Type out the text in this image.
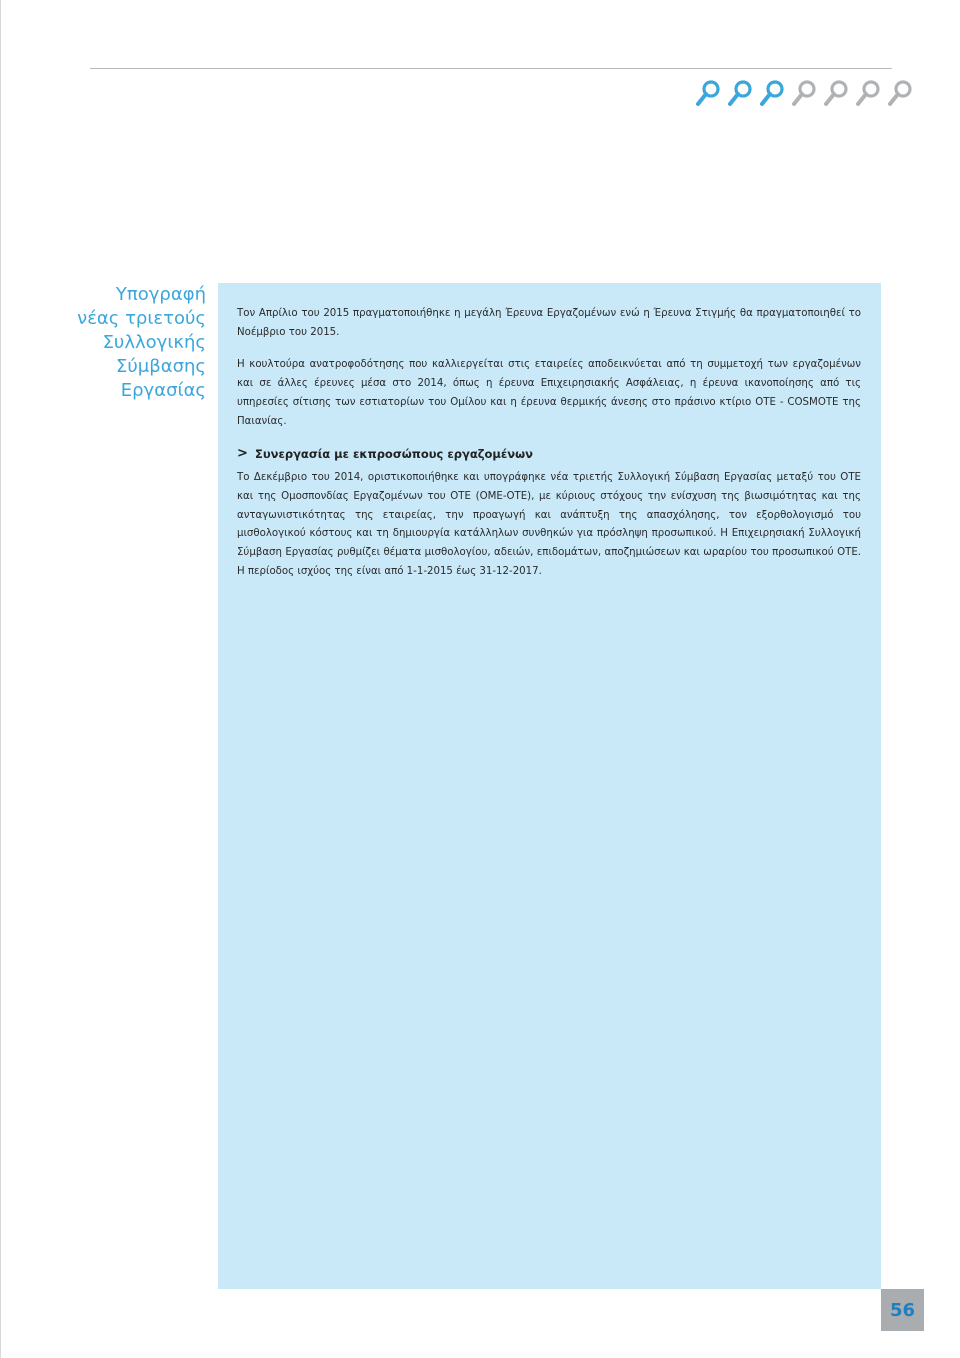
Υπογραφή
νέας τριετούς
Συλλογικής
Σύμβασης
Εργασίας

Τον Απρίλιο του 2015 πραγματοποιήθηκε η μεγάλη Έρευνα Εργαζομένων ενώ η Έρευνα Στιγμής θα πραγματοποιηθεί το Νοέμβριο του 2015.

Η κουλτούρα ανατροφοδότησης που καλλιεργείται στις εταιρείες αποδεικνύεται από τη συμμετοχή των εργαζομένων και σε άλλες έρευνες μέσα στο 2014, όπως η έρευνα Επιχειρησιακής Ασφάλειας, η έρευνα ικανοποίησης από τις υπηρεσίες σίτισης των εστιατορίων του Ομίλου και η έρευνα θερμικής άνεσης στο πράσινο κτίριο ΟΤΕ - COSMOTE της Παιανίας.

> Συνεργασία με εκπροσώπους εργαζομένων

Το Δεκέμβριο του 2014, οριστικοποιήθηκε και υπογράφηκε νέα τριετής Συλλογική Σύμβαση Εργασίας μεταξύ του ΟΤΕ και της Ομοσπονδίας Εργαζομένων του ΟΤΕ (ΟΜΕ-ΟΤΕ), με κύριους στόχους την ενίσχυση της βιωσιμότητας και της ανταγωνιστικότητας της εταιρείας, την προαγωγή και ανάπτυξη της απασχόλησης, τον εξορθολογισμό του μισθολογικού κόστους και τη δημιουργία κατάλληλων συνθηκών για πρόσληψη προσωπικού. Η Επιχειρησιακή Συλλογική Σύμβαση Εργασίας ρυθμίζει θέματα μισθολογίου, αδειών, επιδομάτων, αποζημιώσεων και ωραρίου του προσωπικού ΟΤΕ. Η περίοδος ισχύος της είναι από 1-1-2015 έως 31-12-2017.

56
